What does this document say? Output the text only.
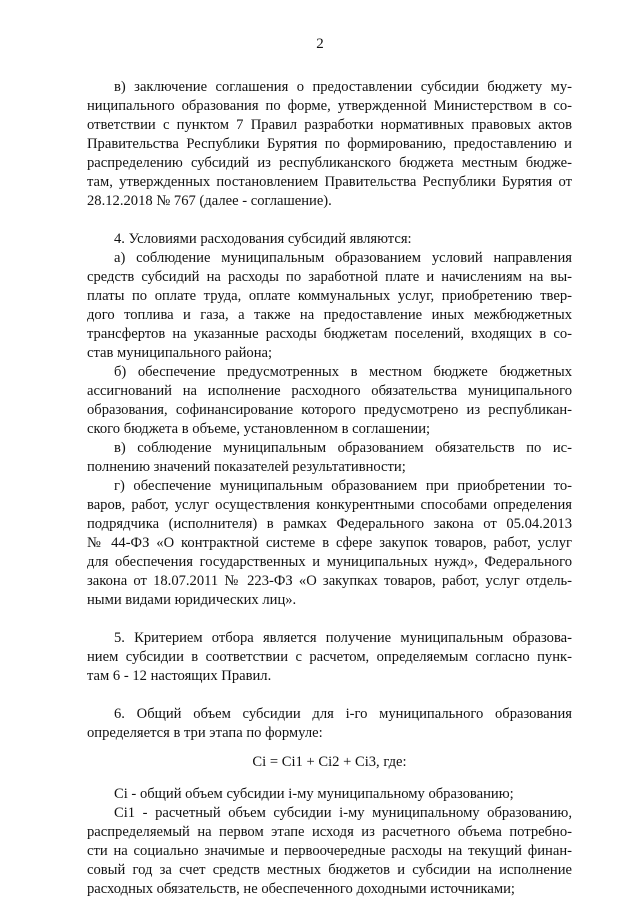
2
в) заключение соглашения о предоставлении субсидии бюджету му-
ниципального образования по форме, утвержденной Министерством в со-
ответствии с пунктом 7 Правил разработки нормативных правовых актов
Правительства Республики Бурятия по формированию, предоставлению и
распределению субсидий из республиканского бюджета местным бюдже-
там, утвержденных постановлением Правительства Республики Бурятия от
28.12.2018 № 767 (далее - соглашение).
4. Условиями расходования субсидий являются:
а) соблюдение муниципальным образованием условий направления
средств субсидий на расходы по заработной плате и начислениям на вы-
платы по оплате труда, оплате коммунальных услуг, приобретению твер-
дого топлива и газа, а также на предоставление иных межбюджетных
трансфертов на указанные расходы бюджетам поселений, входящих в со-
став муниципального района;
б) обеспечение предусмотренных в местном бюджете бюджетных
ассигнований на исполнение расходного обязательства муниципального
образования, софинансирование которого предусмотрено из республикан-
ского бюджета в объеме, установленном в соглашении;
в) соблюдение муниципальным образованием обязательств по ис-
полнению значений показателей результативности;
г) обеспечение муниципальным образованием при приобретении то-
варов, работ, услуг осуществления конкурентными способами определения
подрядчика (исполнителя) в рамках Федерального закона от 05.04.2013
№ 44-ФЗ «О контрактной системе в сфере закупок товаров, работ, услуг
для обеспечения государственных и муниципальных нужд», Федерального
закона от 18.07.2011 № 223-ФЗ «О закупках товаров, работ, услуг отдель-
ными видами юридических лиц».
5. Критерием отбора является получение муниципальным образова-
нием субсидии в соответствии с расчетом, определяемым согласно пунк-
там 6 - 12 настоящих Правил.
6. Общий объем субсидии для i-го муниципального образования
определяется в три этапа по формуле:
Ci = Ci1 + Ci2 + Ci3, где:
Ci - общий объем субсидии i-му муниципальному образованию;
Ci1 - расчетный объем субсидии i-му муниципальному образованию,
распределяемый на первом этапе исходя из расчетного объема потребно-
сти на социально значимые и первоочередные расходы на текущий финан-
совый год за счет средств местных бюджетов и субсидии на исполнение
расходных обязательств, не обеспеченного доходными источниками;
